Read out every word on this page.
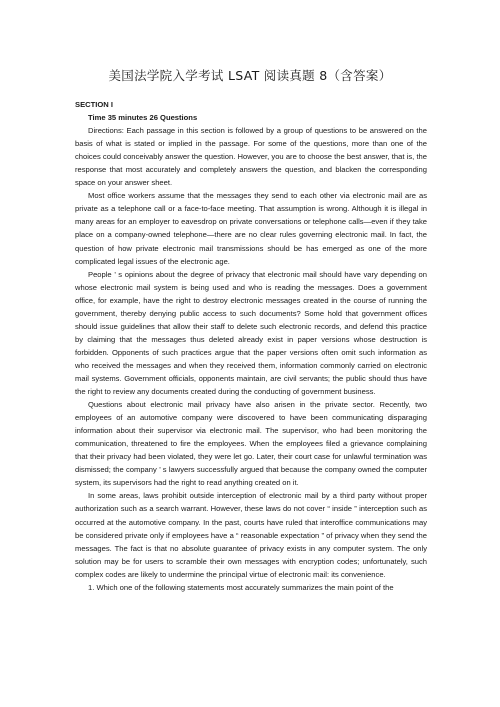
美国法学院入学考试 LSAT 阅读真题 8（含答案）

SECTION I

Time 35 minutes 26 Questions

Directions: Each passage in this section is followed by a group of questions to be answered on the basis of what is stated or implied in the passage. For some of the questions, more than one of the choices could conceivably answer the question. However, you are to choose the best answer, that is, the response that most accurately and completely answers the question, and blacken the corresponding space on your answer sheet.

Most office workers assume that the messages they send to each other via electronic mail are as private as a telephone call or a face-to-face meeting. That assumption is wrong. Although it is illegal in many areas for an employer to eavesdrop on private conversations or telephone calls—even if they take place on a company-owned telephone—there are no clear rules governing electronic mail. In fact, the question of how private electronic mail transmissions should be has emerged as one of the more complicated legal issues of the electronic age.

People ’ s opinions about the degree of privacy that electronic mail should have vary depending on whose electronic mail system is being used and who is reading the messages. Does a government office, for example, have the right to destroy electronic messages created in the course of running the government, thereby denying public access to such documents? Some hold that government offices should issue guidelines that allow their staff to delete such electronic records, and defend this practice by claiming that the messages thus deleted already exist in paper versions whose destruction is forbidden. Opponents of such practices argue that the paper versions often omit such information as who received the messages and when they received them, information commonly carried on electronic mail systems. Government officials, opponents maintain, are civil servants; the public should thus have the right to review any documents created during the conducting of government business.

Questions about electronic mail privacy have also arisen in the private sector. Recently, two employees of an automotive company were discovered to have been communicating disparaging information about their supervisor via electronic mail. The supervisor, who had been monitoring the communication, threatened to fire the employees. When the employees filed a grievance complaining that their privacy had been violated, they were let go. Later, their court case for unlawful termination was dismissed; the company ’ s lawyers successfully argued that because the company owned the computer system, its supervisors had the right to read anything created on it.

In some areas, laws prohibit outside interception of electronic mail by a third party without proper authorization such as a search warrant. However, these laws do not cover “ inside ” interception such as occurred at the automotive company. In the past, courts have ruled that interoffice communications may be considered private only if employees have a “ reasonable expectation ” of privacy when they send the messages. The fact is that no absolute guarantee of privacy exists in any computer system. The only solution may be for users to scramble their own messages with encryption codes; unfortunately, such complex codes are likely to undermine the principal virtue of electronic mail: its convenience.

1. Which one of the following statements most accurately summarizes the main point of the
